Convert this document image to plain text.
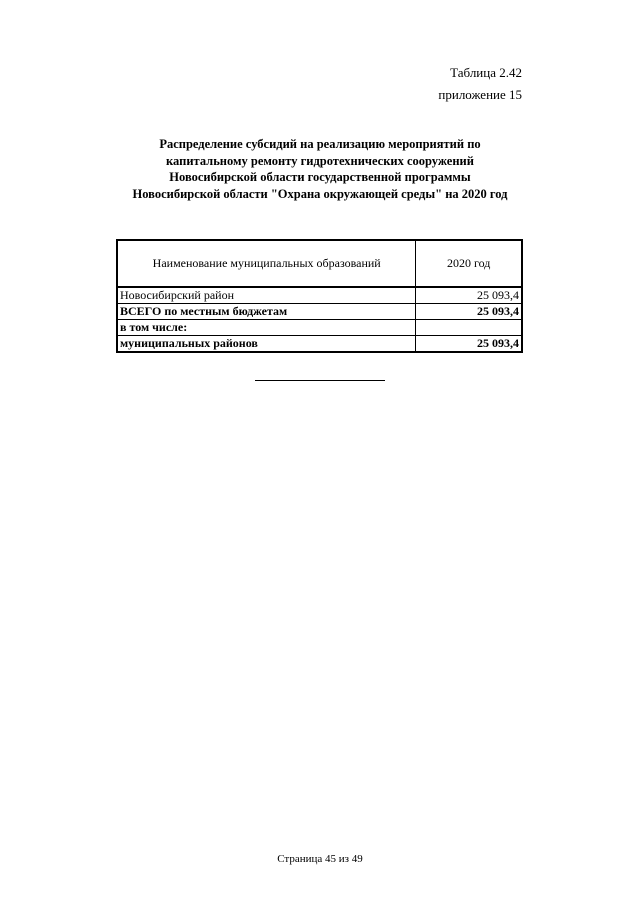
Таблица 2.42
приложение 15
Распределение субсидий на реализацию мероприятий по
капитальному ремонту гидротехнических сооружений
Новосибирской области государственной программы
Новосибирской области "Охрана окружающей среды" на 2020 год
Наименование муниципальных образований	2020 год
Новосибирский район	25 093,4
ВСЕГО по местным бюджетам	25 093,4
в том числе:	
муниципальных районов	25 093,4
Страница 45 из 49
